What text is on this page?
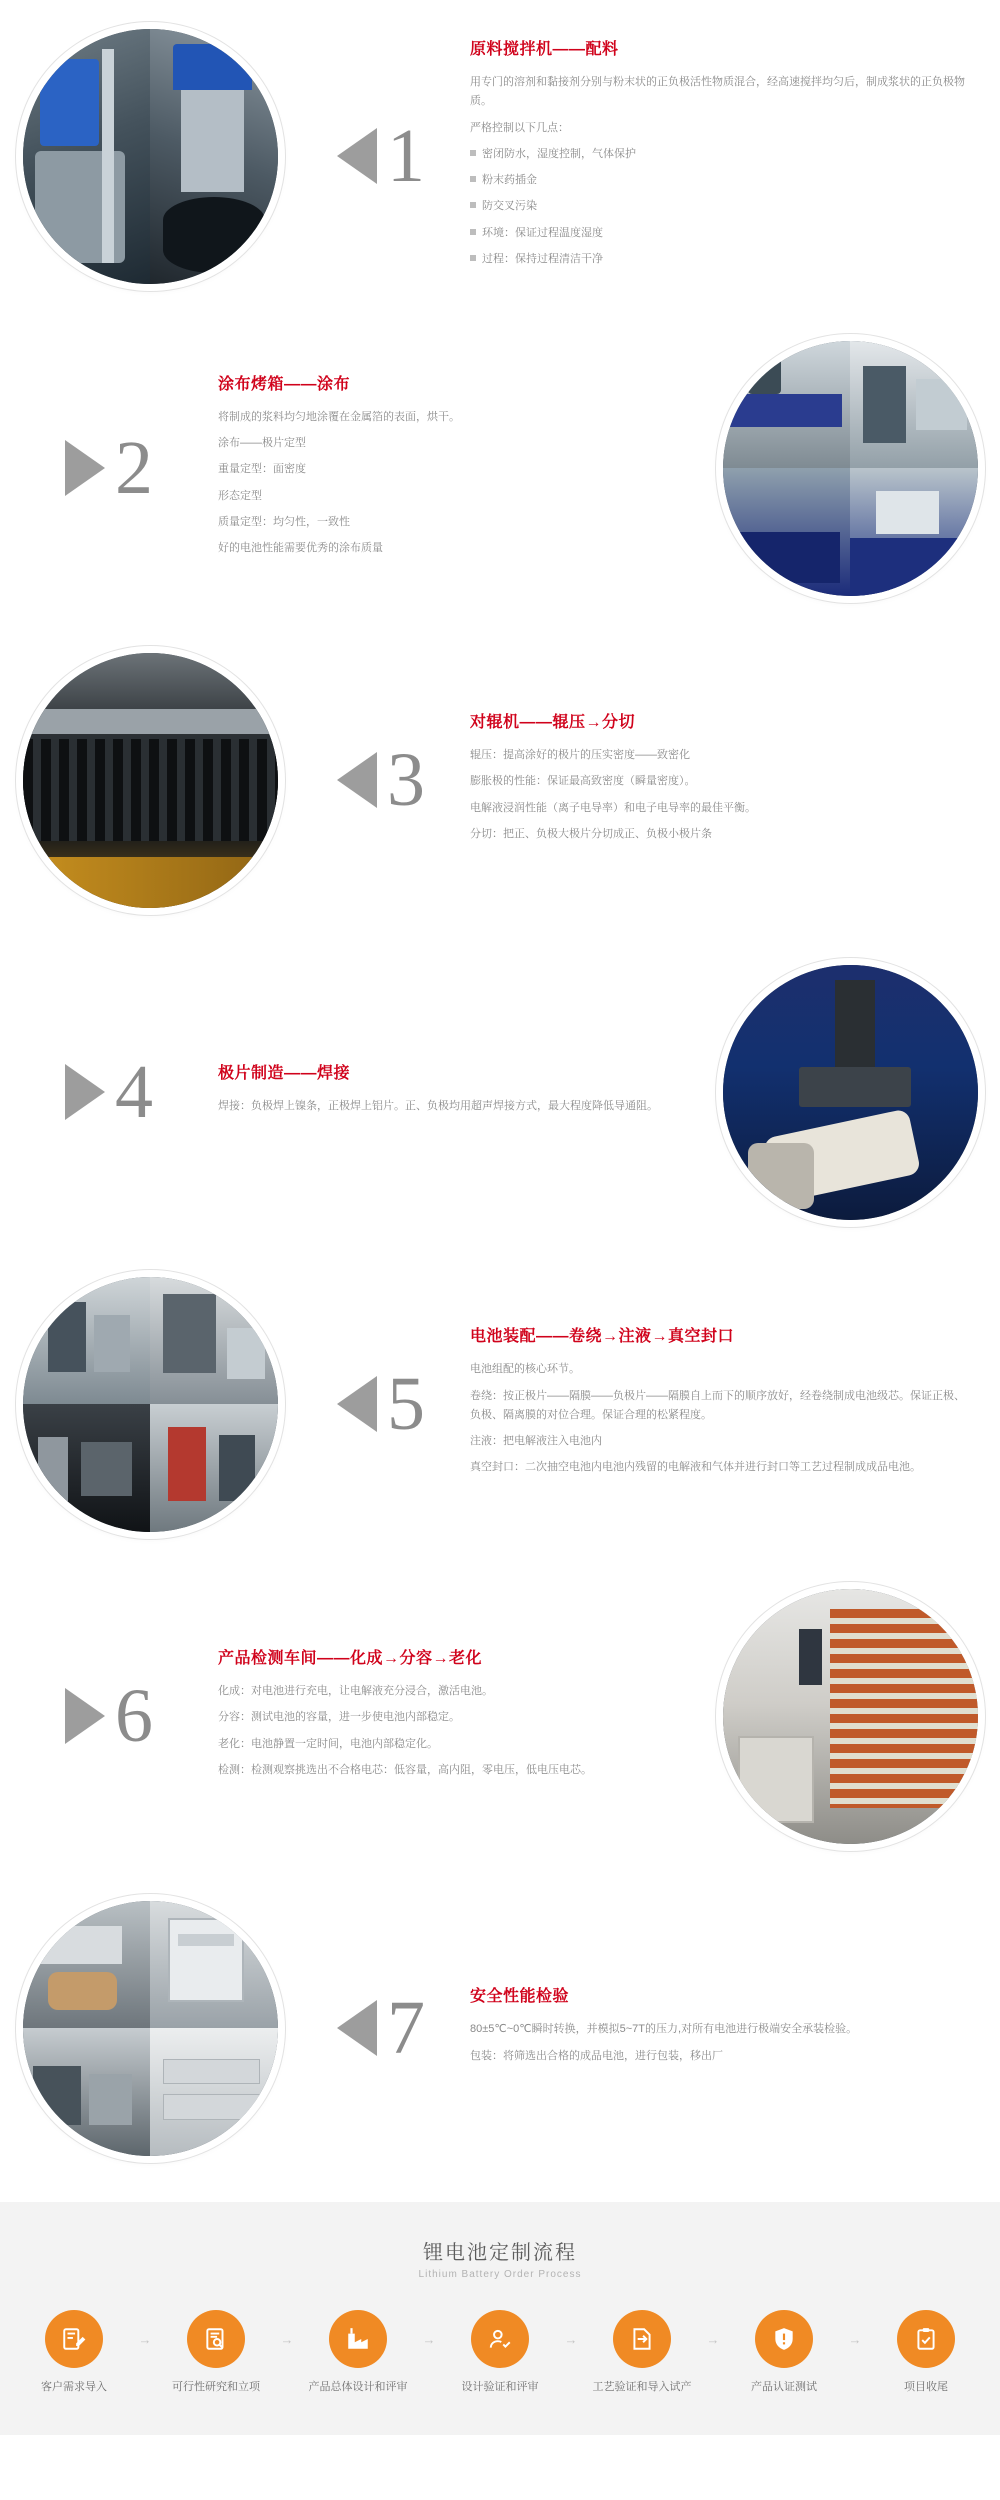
1
原料搅拌机——配料

用专门的溶剂和黏接剂分别与粉末状的正负极活性物质混合，经高速搅拌均匀后，制成浆状的正负极物质。

严格控制以下几点：

密闭防水，湿度控制，气体保护

粉末药插金

防交叉污染

环境：保证过程温度湿度

过程：保持过程清洁干净

2
涂布烤箱——涂布

将制成的浆料均匀地涂覆在金属箔的表面，烘干。

涂布——极片定型

重量定型：面密度

形态定型

质量定型：均匀性，一致性

好的电池性能需要优秀的涂布质量

3
对辊机——辊压→分切

辊压：提高涂好的极片的压实密度——致密化

膨胀极的性能：保证最高致密度（瞬量密度）。

电解液浸润性能（离子电导率）和电子电导率的最佳平衡。

分切：把正、负极大极片分切成正、负极小极片条

4	极片制造——焊接

焊接：负极焊上镍条，正极焊上铝片。正、负极均用超声焊接方式，最大程度降低导通阻。

5
电池装配——卷绕→注液→真空封口

电池组配的核心环节。

卷绕：按正极片——隔膜——负极片——隔膜自上而下的顺序放好，经卷绕制成电池级芯。保证正极、负极、隔离膜的对位合理。保证合理的松紧程度。

注液：把电解液注入电池内

真空封口：二次抽空电池内电池内残留的电解液和气体并进行封口等工艺过程制成成品电池。

6
产品检测车间——化成→分容→老化

化成：对电池进行充电，让电解液充分浸合，激活电池。

分容：测试电池的容量，进一步使电池内部稳定。

老化：电池静置一定时间，电池内部稳定化。

检测：检测观察挑选出不合格电芯：低容量，高内阻，零电压，低电压电芯。

7	安全性能检验

80±5℃~0℃瞬时转换，并模拟5~7T的压力,对所有电池进行极端安全承装检验。

包装：将筛选出合格的成品电池，进行包装，移出厂

锂电池定制流程
Lithium Battery Order Process
客户需求导入
→
可行性研究和立项
→
产品总体设计和评审
→
设计验证和评审
→
工艺验证和导入试产
→
产品认证测试
→
项目收尾
